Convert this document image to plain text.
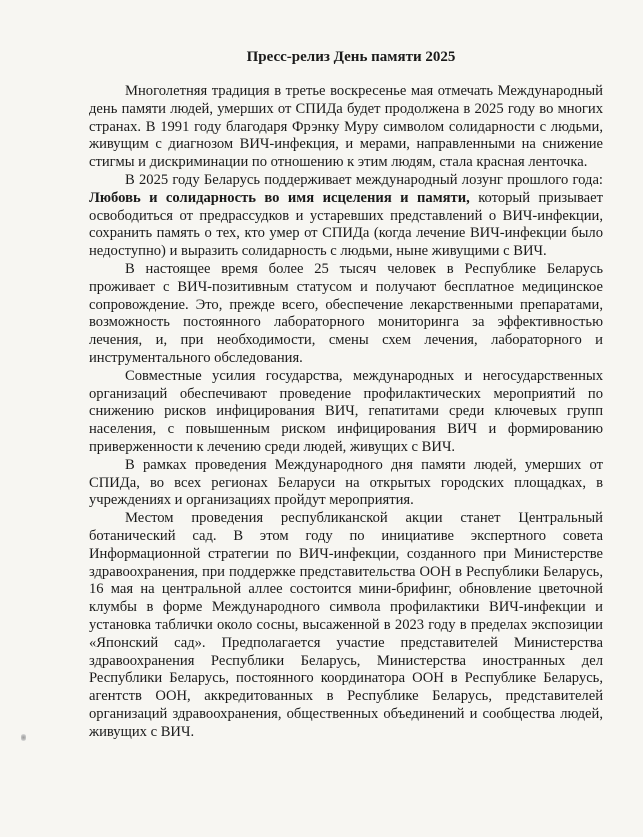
Пресс-релиз День памяти 2025

Многолетняя традиция в третье воскресенье мая отмечать Международный день памяти людей, умерших от СПИДа будет продолжена в 2025 году во многих странах. В 1991 году благодаря Фрэнку Муру символом солидарности с людьми, живущим с диагнозом ВИЧ-инфекция, и мерами, направленными на снижение стигмы и дискриминации по отношению к этим людям, стала красная ленточка.

В 2025 году Беларусь поддерживает международный лозунг прошлого года: Любовь и солидарность во имя исцеления и памяти, который призывает освободиться от предрассудков и устаревших представлений о ВИЧ-инфекции, сохранить память о тех, кто умер от СПИДа (когда лечение ВИЧ-инфекции было недоступно) и выразить солидарность с людьми, ныне живущими с ВИЧ.

В настоящее время более 25 тысяч человек в Республике Беларусь проживает с ВИЧ-позитивным статусом и получают бесплатное медицинское сопровождение. Это, прежде всего, обеспечение лекарственными препаратами, возможность постоянного лабораторного мониторинга за эффективностью лечения, и, при необходимости, смены схем лечения, лабораторного и инструментального обследования.

Совместные усилия государства, международных и негосударственных организаций обеспечивают проведение профилактических мероприятий по снижению рисков инфицирования ВИЧ, гепатитами среди ключевых групп населения, с повышенным риском инфицирования ВИЧ и формированию приверженности к лечению среди людей, живущих с ВИЧ.

В рамках проведения Международного дня памяти людей, умерших от СПИДа, во всех регионах Беларуси на открытых городских площадках, в учреждениях и организациях пройдут мероприятия.

Местом проведения республиканской акции станет Центральный ботанический сад. В этом году по инициативе экспертного совета Информационной стратегии по ВИЧ-инфекции, созданного при Министерстве здравоохранения, при поддержке представительства ООН в Республики Беларусь, 16 мая на центральной аллее состоится мини-брифинг, обновление цветочной клумбы в форме Международного символа профилактики ВИЧ-инфекции и установка таблички около сосны, высаженной в 2023 году в пределах экспозиции «Японский сад». Предполагается участие представителей Министерства здравоохранения Республики Беларусь, Министерства иностранных дел Республики Беларусь, постоянного координатора ООН в Республике Беларусь, агентств ООН, аккредитованных в Республике Беларусь, представителей организаций здравоохранения, общественных объединений и сообщества людей, живущих с ВИЧ.
